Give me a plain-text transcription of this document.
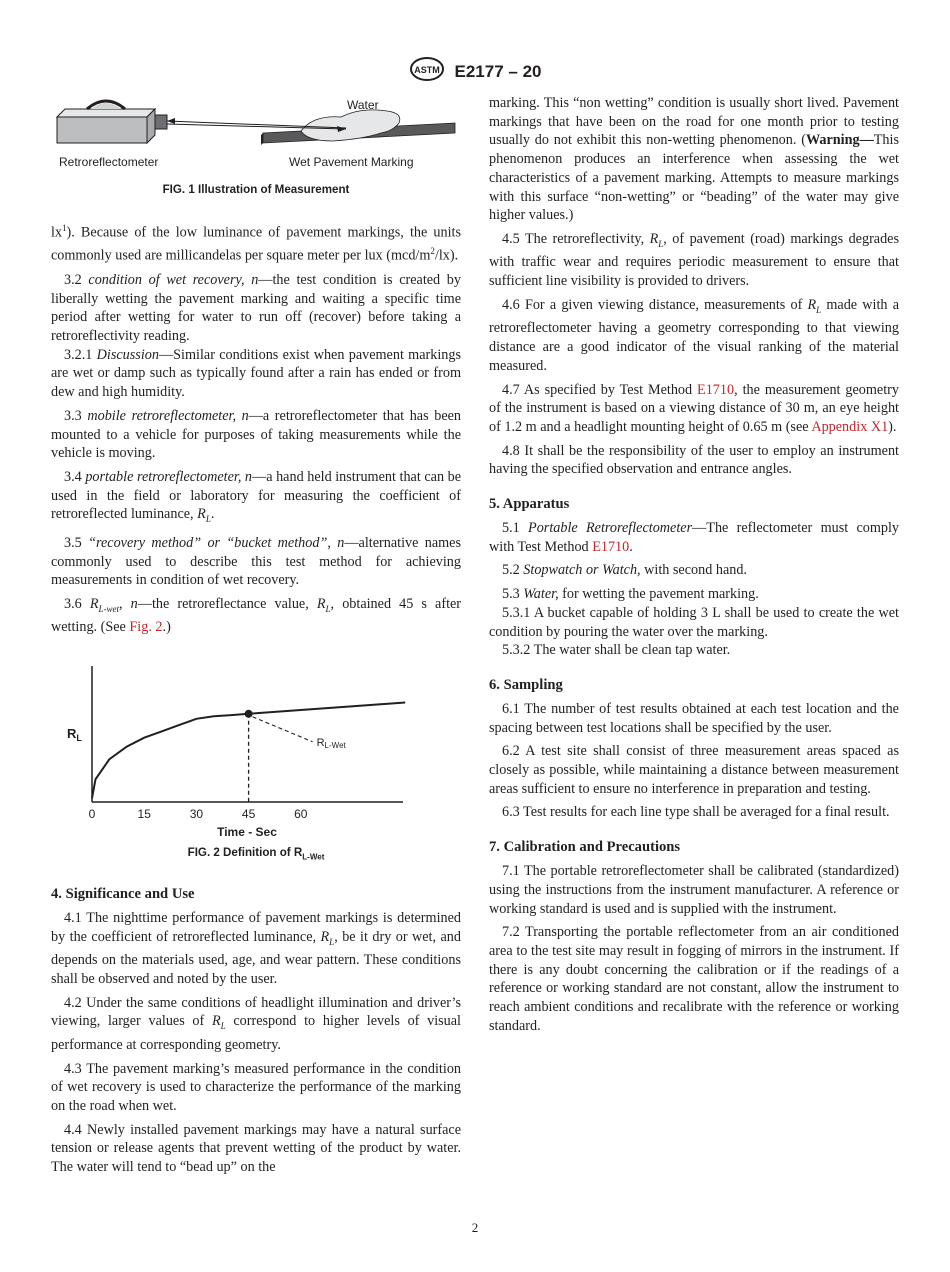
ASTM E2177 – 20
Water
Retroreflectometer	Wet Pavement Marking
FIG. 1 Illustration of Measurement

$lx^1$). Because of the low luminance of pavement markings, the units commonly used are millicandelas per square meter per lux $(mcd/m^2/lx)$.

3.2 condition of wet recovery, n—the test condition is created by liberally wetting the pavement marking and waiting a specific time period after wetting for water to run off (recover) before taking a retroreflectivity reading.

3.2.1 Discussion—Similar conditions exist when pavement markings are wet or damp such as typically found after a rain has ended or from dew and high humidity.

3.3 mobile retroreflectometer, n—a retroreflectometer that has been mounted to a vehicle for purposes of taking measurements while the vehicle is moving.

3.4 portable retroreflectometer, n—a hand held instrument that can be used in the field or laboratory for measuring the coefficient of retroreflected luminance, $R_L$.

3.5 “recovery method” or “bucket method”, n—alternative names commonly used to describe this test method for achieving measurements in condition of wet recovery.

3.6 $R_{L-wet}$, n—the retroreflectance value, $R_L$, obtained 45 s after wetting. (See Fig. 2.)

$R_L$
0	15	30	45	60
RL-Wet
Time - Sec
FIG. 2 Definition of $R_{L-Wet}$
4. Significance and Use

4.1 The nighttime performance of pavement markings is determined by the coefficient of retroreflected luminance, $R_L$, be it dry or wet, and depends on the materials used, age, and wear pattern. These conditions shall be observed and noted by the user.

4.2 Under the same conditions of headlight illumination and driver’s viewing, larger values of $R_L$ correspond to higher levels of visual performance at corresponding geometry.

4.3 The pavement marking’s measured performance in the condition of wet recovery is used to characterize the performance of the marking on the road when wet.

4.4 Newly installed pavement markings may have a natural surface tension or release agents that prevent wetting of the product by water. The water will tend to “bead up” on the

marking. This “non wetting” condition is usually short lived. Pavement markings that have been on the road for one month prior to testing usually do not exhibit this non-wetting phenomenon. (Warning—This phenomenon produces an interference when assessing the wet characteristics of a pavement marking. Attempts to measure markings with this surface “non-wetting” or “beading” of the water may give higher values.)

4.5 The retroreflectivity, $R_L$, of pavement (road) markings degrades with traffic wear and requires periodic measurement to ensure that sufficient line visibility is provided to drivers.

4.6 For a given viewing distance, measurements of $R_L$ made with a retroreflectometer having a geometry corresponding to that viewing distance are a good indicator of the visual ranking of the material measured.

4.7 As specified by Test Method E1710, the measurement geometry of the instrument is based on a viewing distance of 30 m, an eye height of 1.2 m and a headlight mounting height of 0.65 m (see Appendix X1).

4.8 It shall be the responsibility of the user to employ an instrument having the specified observation and entrance angles.

5. Apparatus

5.1 Portable Retroreflectometer—The reflectometer must comply with Test Method E1710.

5.2 Stopwatch or Watch, with second hand.

5.3 Water, for wetting the pavement marking.

5.3.1 A bucket capable of holding 3 L shall be used to create the wet condition by pouring the water over the marking.

5.3.2 The water shall be clean tap water.

6. Sampling

6.1 The number of test results obtained at each test location and the spacing between test locations shall be specified by the user.

6.2 A test site shall consist of three measurement areas spaced as closely as possible, while maintaining a distance between measurement areas sufficient to ensure no interference in preparation and testing.

6.3 Test results for each line type shall be averaged for a final result.

7. Calibration and Precautions

7.1 The portable retroreflectometer shall be calibrated (standardized) using the instructions from the instrument manufacturer. A reference or working standard is used and is supplied with the instrument.

7.2 Transporting the portable reflectometer from an air conditioned area to the test site may result in fogging of mirrors in the instrument. If there is any doubt concerning the calibration or if the readings of a reference or working standard are not constant, allow the instrument to reach ambient conditions and recalibrate with the reference or working standard.

2
